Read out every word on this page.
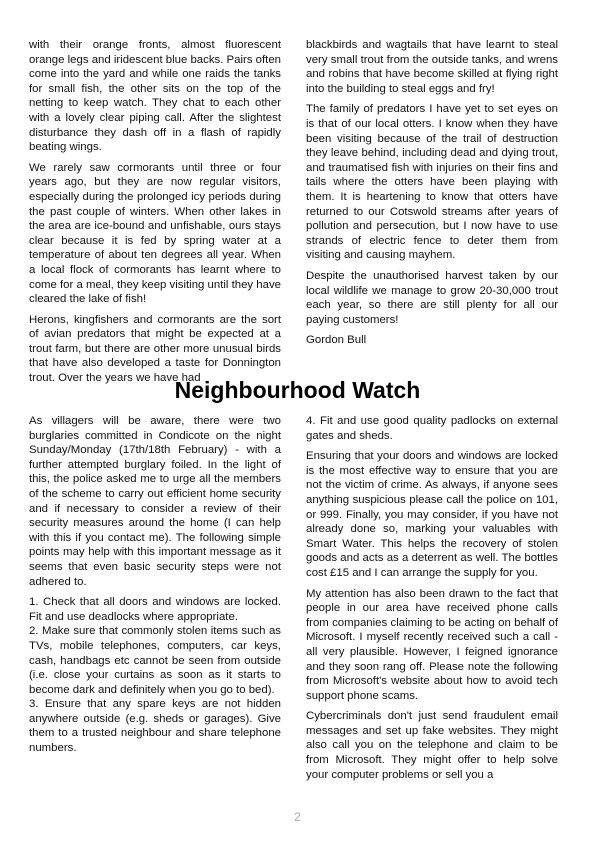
with their orange fronts, almost fluorescent orange legs and iridescent blue backs. Pairs often come into the yard and while one raids the tanks for small fish, the other sits on the top of the netting to keep watch. They chat to each other with a lovely clear piping call. After the slightest disturbance they dash off in a flash of rapidly beating wings.

We rarely saw cormorants until three or four years ago, but they are now regular visitors, especially during the prolonged icy periods during the past couple of winters. When other lakes in the area are ice-bound and unfishable, ours stays clear because it is fed by spring water at a temperature of about ten degrees all year. When a local flock of cormorants has learnt where to come for a meal, they keep visiting until they have cleared the lake of fish!

Herons, kingfishers and cormorants are the sort of avian predators that might be expected at a trout farm, but there are other more unusual birds that have also developed a taste for Donnington trout. Over the years we have had

blackbirds and wagtails that have learnt to steal very small trout from the outside tanks, and wrens and robins that have become skilled at flying right into the building to steal eggs and fry!

The family of predators I have yet to set eyes on is that of our local otters. I know when they have been visiting because of the trail of destruction they leave behind, including dead and dying trout, and traumatised fish with injuries on their fins and tails where the otters have been playing with them. It is heartening to know that otters have returned to our Cotswold streams after years of pollution and persecution, but I now have to use strands of electric fence to deter them from visiting and causing mayhem.

Despite the unauthorised harvest taken by our local wildlife we manage to grow 20-30,000 trout each year, so there are still plenty for all our paying customers!

Gordon Bull

Neighbourhood Watch

As villagers will be aware, there were two burglaries committed in Condicote on the night Sunday/Monday (17th/18th February) - with a further attempted burglary foiled. In the light of this, the police asked me to urge all the members of the scheme to carry out efficient home security and if necessary to consider a review of their security measures around the home (I can help with this if you contact me). The following simple points may help with this important message as it seems that even basic security steps were not adhered to.

1. Check that all doors and windows are locked. Fit and use deadlocks where appropriate.

2. Make sure that commonly stolen items such as TVs, mobile telephones, computers, car keys, cash, handbags etc cannot be seen from outside (i.e. close your curtains as soon as it starts to become dark and definitely when you go to bed).

3. Ensure that any spare keys are not hidden anywhere outside (e.g. sheds or garages). Give them to a trusted neighbour and share telephone numbers.

4. Fit and use good quality padlocks on external gates and sheds.

Ensuring that your doors and windows are locked is the most effective way to ensure that you are not the victim of crime. As always, if anyone sees anything suspicious please call the police on 101, or 999. Finally, you may consider, if you have not already done so, marking your valuables with Smart Water. This helps the recovery of stolen goods and acts as a deterrent as well. The bottles cost £15 and I can arrange the supply for you.

My attention has also been drawn to the fact that people in our area have received phone calls from companies claiming to be acting on behalf of Microsoft. I myself recently received such a call - all very plausible. However, I feigned ignorance and they soon rang off. Please note the following from Microsoft's website about how to avoid tech support phone scams.

Cybercriminals don't just send fraudulent email messages and set up fake websites. They might also call you on the telephone and claim to be from Microsoft. They might offer to help solve your computer problems or sell you a

2
